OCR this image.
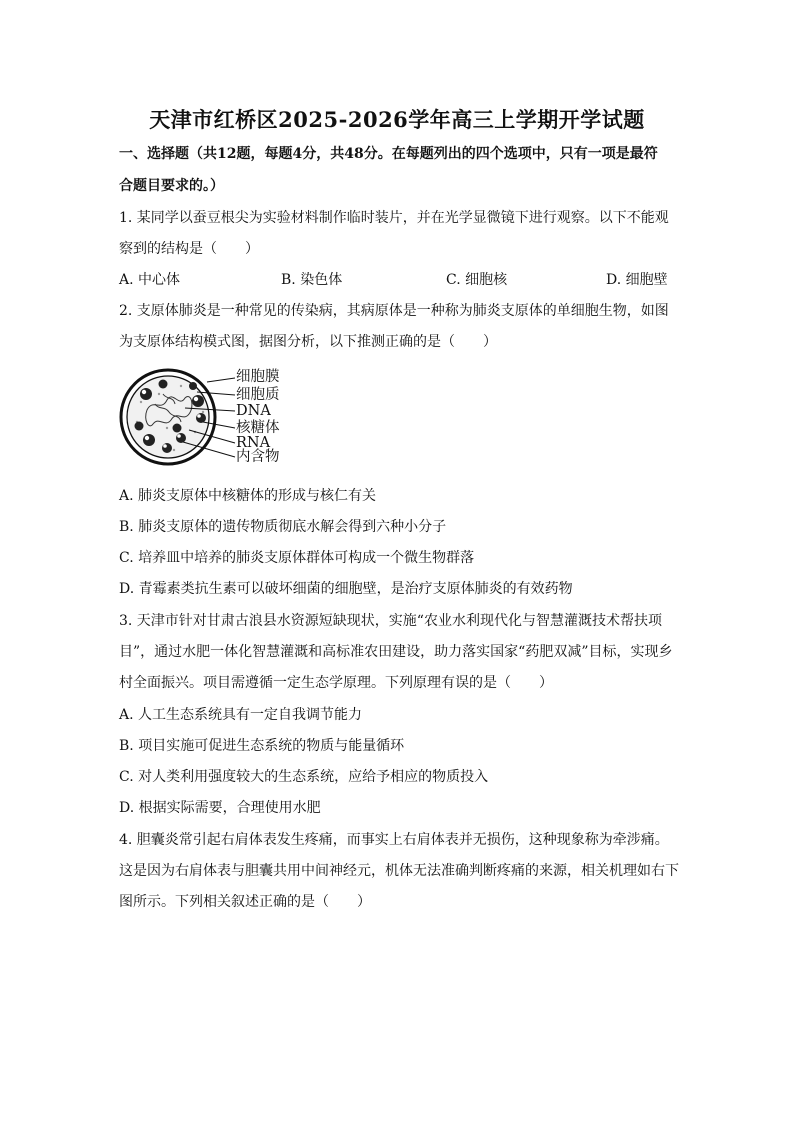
天津市红桥区2025-2026学年高三上学期开学试题
一、选择题（共12题，每题4分，共48分。在每题列出的四个选项中，只有一项是最符
合题目要求的。）
1. 某同学以蚕豆根尖为实验材料制作临时装片，并在光学显微镜下进行观察。以下不能观
察到的结构是（　　）
A. 中心体	B. 染色体	C. 细胞核	D. 细胞壁
2. 支原体肺炎是一种常见的传染病，其病原体是一种称为肺炎支原体的单细胞生物，如图
为支原体结构模式图，据图分析，以下推测正确的是（　　）
细胞膜
细胞质
DNA
核糖体
RNA
内含物
A. 肺炎支原体中核糖体的形成与核仁有关
B. 肺炎支原体的遗传物质彻底水解会得到六种小分子
C. 培养皿中培养的肺炎支原体群体可构成一个微生物群落
D. 青霉素类抗生素可以破坏细菌的细胞壁，是治疗支原体肺炎的有效药物
3. 天津市针对甘肃古浪县水资源短缺现状，实施“农业水利现代化与智慧灌溉技术帮扶项
目”，通过水肥一体化智慧灌溉和高标准农田建设，助力落实国家“药肥双减”目标，实现乡
村全面振兴。项目需遵循一定生态学原理。下列原理有误的是（　　）
A. 人工生态系统具有一定自我调节能力
B. 项目实施可促进生态系统的物质与能量循环
C. 对人类利用强度较大的生态系统，应给予相应的物质投入
D. 根据实际需要，合理使用水肥
4. 胆囊炎常引起右肩体表发生疼痛，而事实上右肩体表并无损伤，这种现象称为牵涉痛。
这是因为右肩体表与胆囊共用中间神经元，机体无法准确判断疼痛的来源，相关机理如右下
图所示。下列相关叙述正确的是（　　）
